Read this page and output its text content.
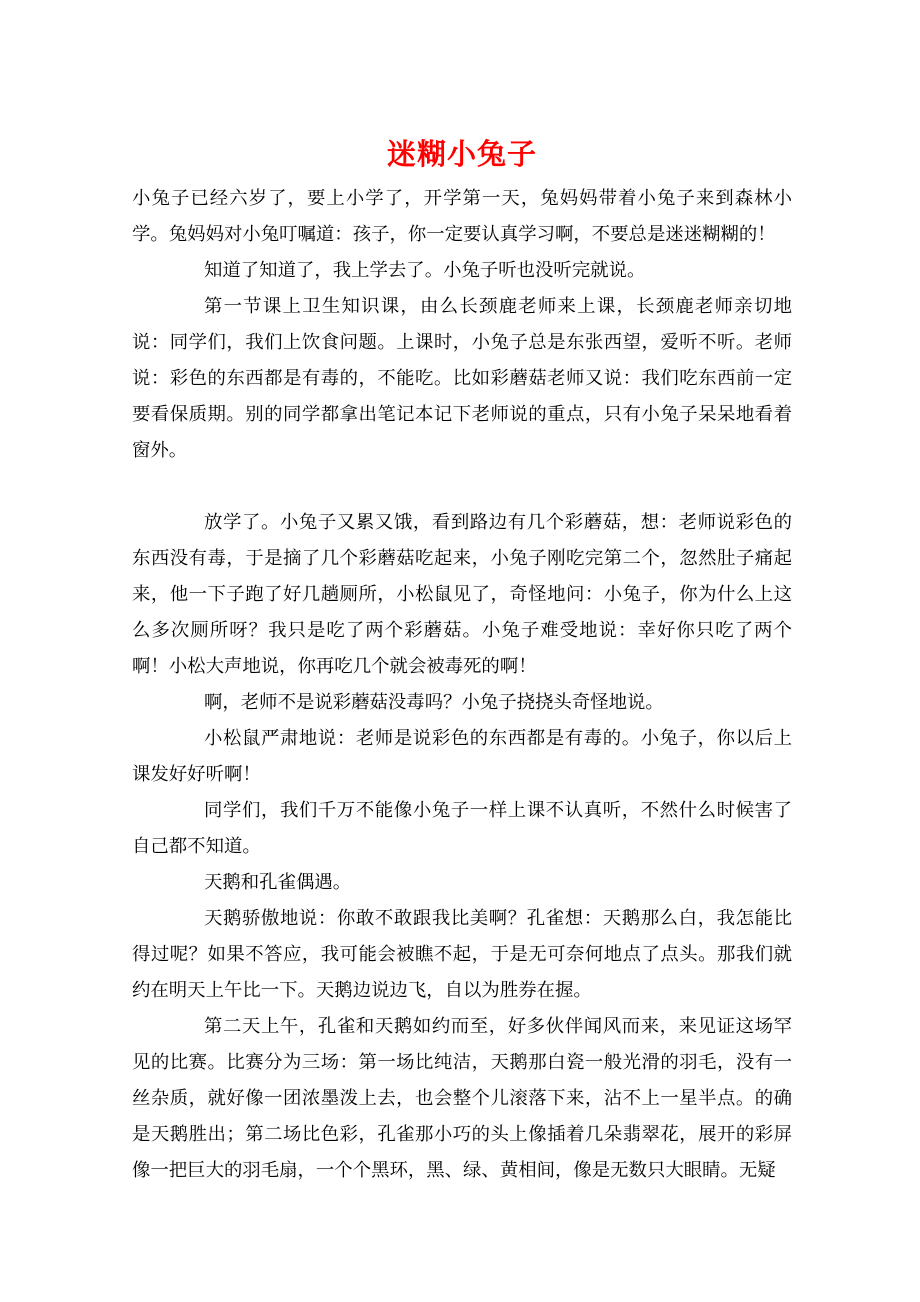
迷糊小兔子

小兔子已经六岁了，要上小学了，开学第一天，兔妈妈带着小兔子来到森林小学。兔妈妈对小兔叮嘱道：孩子，你一定要认真学习啊，不要总是迷迷糊糊的！

知道了知道了，我上学去了。小兔子听也没听完就说。

第一节课上卫生知识课，由么长颈鹿老师来上课，长颈鹿老师亲切地说：同学们，我们上饮食问题。上课时，小兔子总是东张西望，爱听不听。老师说：彩色的东西都是有毒的，不能吃。比如彩蘑菇老师又说：我们吃东西前一定要看保质期。别的同学都拿出笔记本记下老师说的重点，只有小兔子呆呆地看着窗外。

放学了。小兔子又累又饿，看到路边有几个彩蘑菇，想：老师说彩色的东西没有毒，于是摘了几个彩蘑菇吃起来，小兔子刚吃完第二个，忽然肚子痛起来，他一下子跑了好几趟厕所，小松鼠见了，奇怪地问：小兔子，你为什么上这么多次厕所呀？我只是吃了两个彩蘑菇。小兔子难受地说：幸好你只吃了两个啊！小松大声地说，你再吃几个就会被毒死的啊！

啊，老师不是说彩蘑菇没毒吗？小兔子挠挠头奇怪地说。

小松鼠严肃地说：老师是说彩色的东西都是有毒的。小兔子，你以后上课发好好听啊！

同学们，我们千万不能像小兔子一样上课不认真听，不然什么时候害了自己都不知道。

天鹅和孔雀偶遇。

天鹅骄傲地说：你敢不敢跟我比美啊？孔雀想：天鹅那么白，我怎能比得过呢？如果不答应，我可能会被瞧不起，于是无可奈何地点了点头。那我们就约在明天上午比一下。天鹅边说边飞，自以为胜券在握。

第二天上午，孔雀和天鹅如约而至，好多伙伴闻风而来，来见证这场罕见的比赛。比赛分为三场：第一场比纯洁，天鹅那白瓷一般光滑的羽毛，没有一丝杂质，就好像一团浓墨泼上去，也会整个儿滚落下来，沾不上一星半点。的确是天鹅胜出；第二场比色彩，孔雀那小巧的头上像插着几朵翡翠花，展开的彩屏像一把巨大的羽毛扇，一个个黑环，黑、绿、黄相间，像是无数只大眼睛。无疑
